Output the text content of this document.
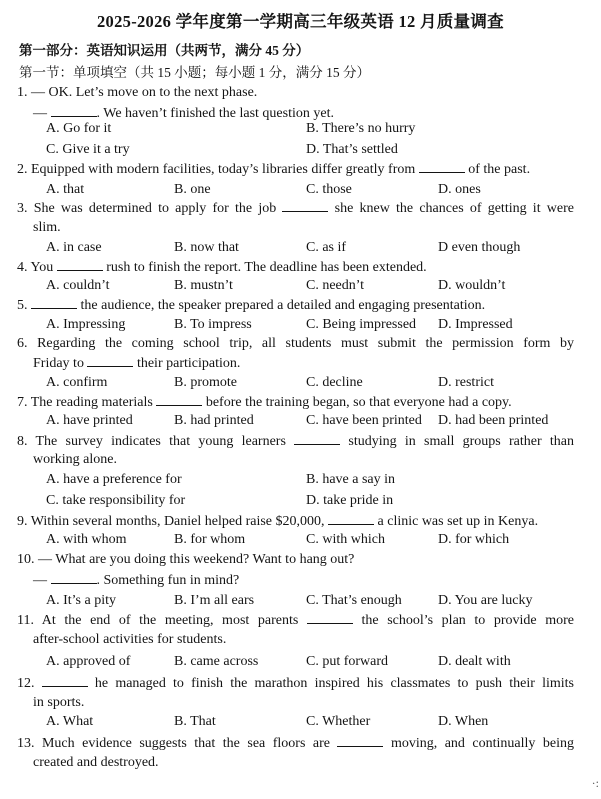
2025-2026 学年度第一学期高三年级英语 12 月质量调查
第一部分：英语知识运用（共两节，满分 45 分）
第一节：单项填空（共 15 小题；每小题 1 分，满分 15 分）
1. — OK. Let’s move on to the next phase.
—	. We haven’t finished the last question yet.
A. Go for it	B. There’s no hurry
C. Give it a try	D. That’s settled
2. Equipped with modern facilities, today’s libraries differ greatly from	of the past.
A. that	B. one	C. those	D. ones
3. She was determined to apply for the job	she knew the chances of getting it were
slim.
A. in case	B. now that	C. as if	D even though
4. You	rush to finish the report. The deadline has been extended.
A. couldn’t	B. mustn’t	C. needn’t	D. wouldn’t
5.	the audience, the speaker prepared a detailed and engaging presentation.
A. Impressing	B. To impress	C. Being impressed D. Impressed
6. Regarding the coming school trip, all students must submit the permission form by
Friday to	their participation.
A. confirm	B. promote	C. decline	D. restrict
7. The reading materials	before the training began, so that everyone had a copy.
A. have printed	B. had printed	C. have been printed D. had been printed
8. The survey indicates that young learners	studying in small groups rather than
working alone.
A. have a preference for	B. have a say in
C. take responsibility for	D. take pride in
9. Within several months, Daniel helped raise $20,000,	a clinic was set up in Kenya.
A. with whom	B. for whom	C. with which	D. for which
10. — What are you doing this weekend? Want to hang out?
—	. Something fun in mind?
A. It’s a pity	B. I’m all ears	C. That’s enough	D. You are lucky
11. At the end of the meeting, most parents	the school’s plan to provide more
after-school activities for students.
A. approved of	B. came across	C. put forward	D. dealt with
12.	he managed to finish the marathon inspired his classmates to push their limits
in sports.
A. What	B. That	C. Whether	D. When
13. Much evidence suggests that the sea floors are	moving, and continually being
created and destroyed.
·:
